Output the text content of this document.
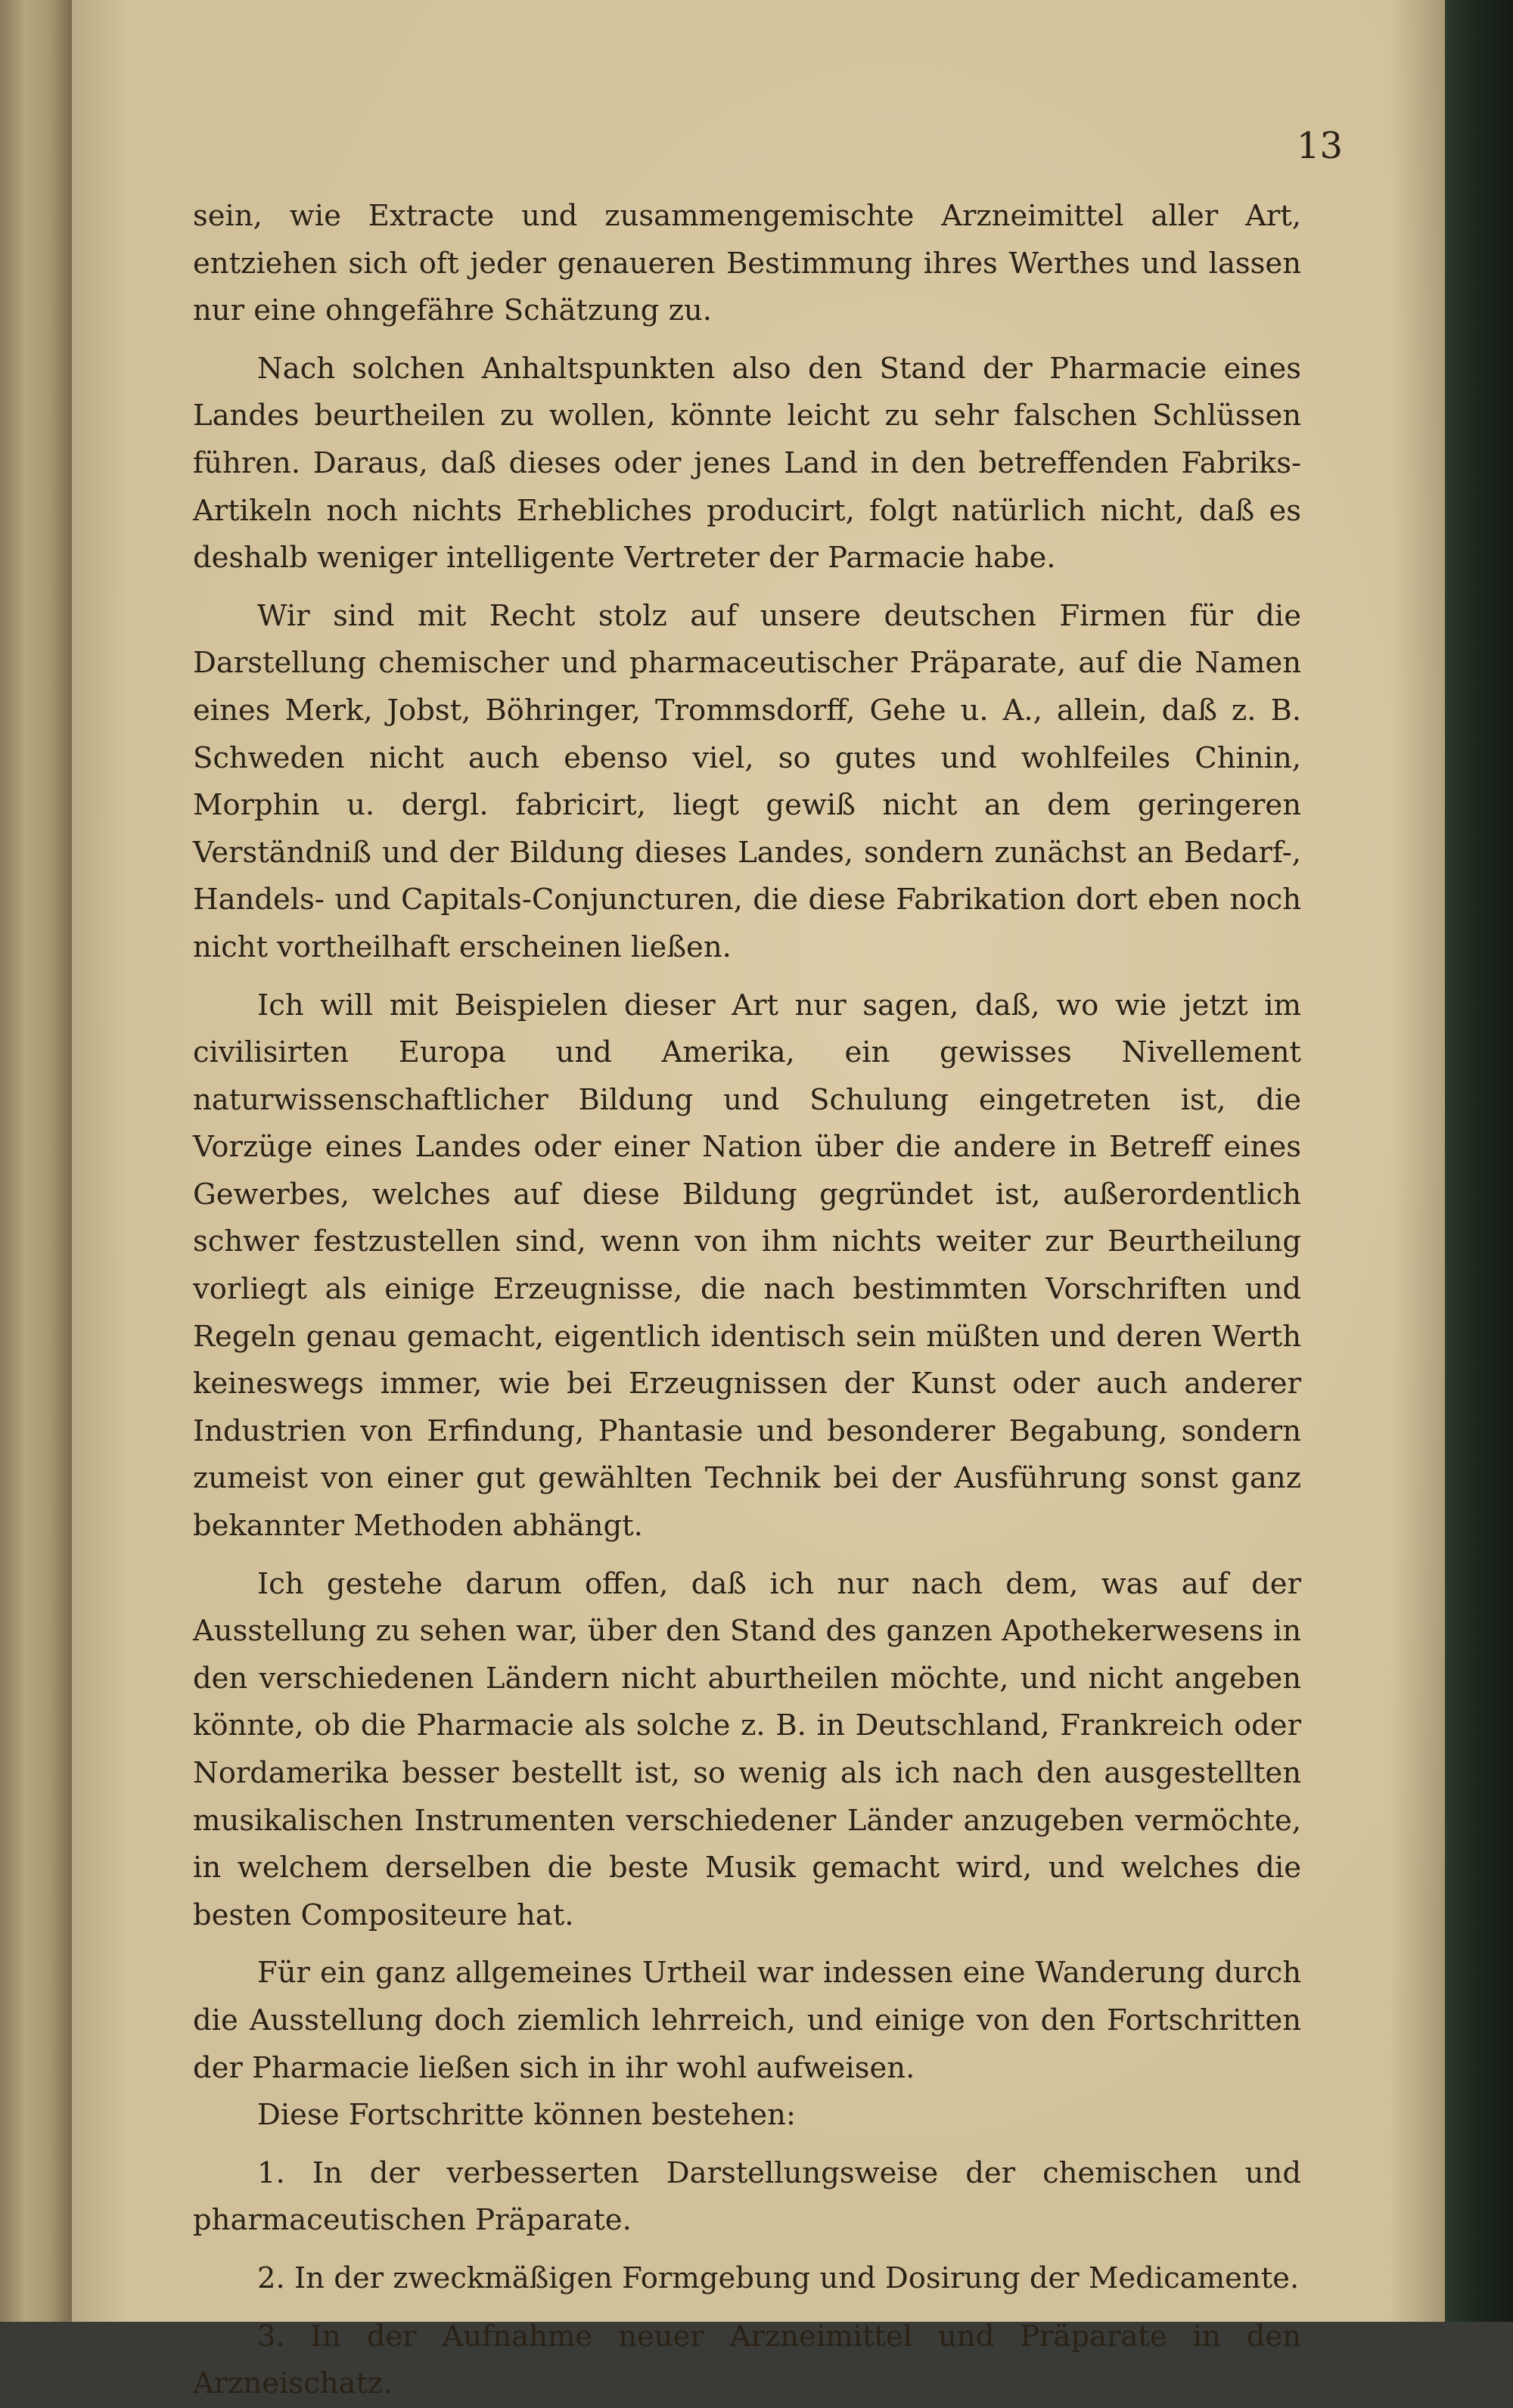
13

sein, wie Extracte und zusammengemischte Arzneimittel aller Art, entziehen sich oft jeder genaueren Bestimmung ihres Werthes und lassen nur eine ohngefähre Schätzung zu.

Nach solchen Anhaltspunkten also den Stand der Pharmacie eines Landes beurtheilen zu wollen, könnte leicht zu sehr falschen Schlüssen führen. Daraus, daß dieses oder jenes Land in den betreffenden Fabriks-Artikeln noch nichts Erhebliches producirt, folgt natürlich nicht, daß es deshalb weniger intelligente Vertreter der Parmacie habe.

Wir sind mit Recht stolz auf unsere deutschen Firmen für die Darstellung chemischer und pharmaceutischer Präparate, auf die Namen eines Merk, Jobst, Böhringer, Trommsdorff, Gehe u. A., allein, daß z. B. Schweden nicht auch ebenso viel, so gutes und wohlfeiles Chinin, Morphin u. dergl. fabricirt, liegt gewiß nicht an dem geringeren Verständniß und der Bildung dieses Landes, sondern zunächst an Bedarf-, Handels- und Capitals-Conjuncturen, die diese Fabrikation dort eben noch nicht vortheilhaft erscheinen ließen.

Ich will mit Beispielen dieser Art nur sagen, daß, wo wie jetzt im civilisirten Europa und Amerika, ein gewisses Nivellement naturwissenschaftlicher Bildung und Schulung eingetreten ist, die Vorzüge eines Landes oder einer Nation über die andere in Betreff eines Gewerbes, welches auf diese Bildung gegründet ist, außerordentlich schwer festzustellen sind, wenn von ihm nichts weiter zur Beurtheilung vorliegt als einige Erzeugnisse, die nach bestimmten Vorschriften und Regeln genau gemacht, eigentlich identisch sein müßten und deren Werth keineswegs immer, wie bei Erzeugnissen der Kunst oder auch anderer Industrien von Erfindung, Phantasie und besonderer Begabung, sondern zumeist von einer gut gewählten Technik bei der Ausführung sonst ganz bekannter Methoden abhängt.

Ich gestehe darum offen, daß ich nur nach dem, was auf der Ausstellung zu sehen war, über den Stand des ganzen Apothekerwesens in den verschiedenen Ländern nicht aburtheilen möchte, und nicht angeben könnte, ob die Pharmacie als solche z. B. in Deutschland, Frankreich oder Nordamerika besser bestellt ist, so wenig als ich nach den ausgestellten musikalischen Instrumenten verschiedener Länder anzugeben vermöchte, in welchem derselben die beste Musik gemacht wird, und welches die besten Compositeure hat.

Für ein ganz allgemeines Urtheil war indessen eine Wanderung durch die Ausstellung doch ziemlich lehrreich, und einige von den Fortschritten der Pharmacie ließen sich in ihr wohl aufweisen.

Diese Fortschritte können bestehen:

1. In der verbesserten Darstellungsweise der chemischen und pharmaceutischen Präparate.

2. In der zweckmäßigen Formgebung und Dosirung der Medicamente.

3. In der Aufnahme neuer Arzneimittel und Präparate in den Arzneischatz.
